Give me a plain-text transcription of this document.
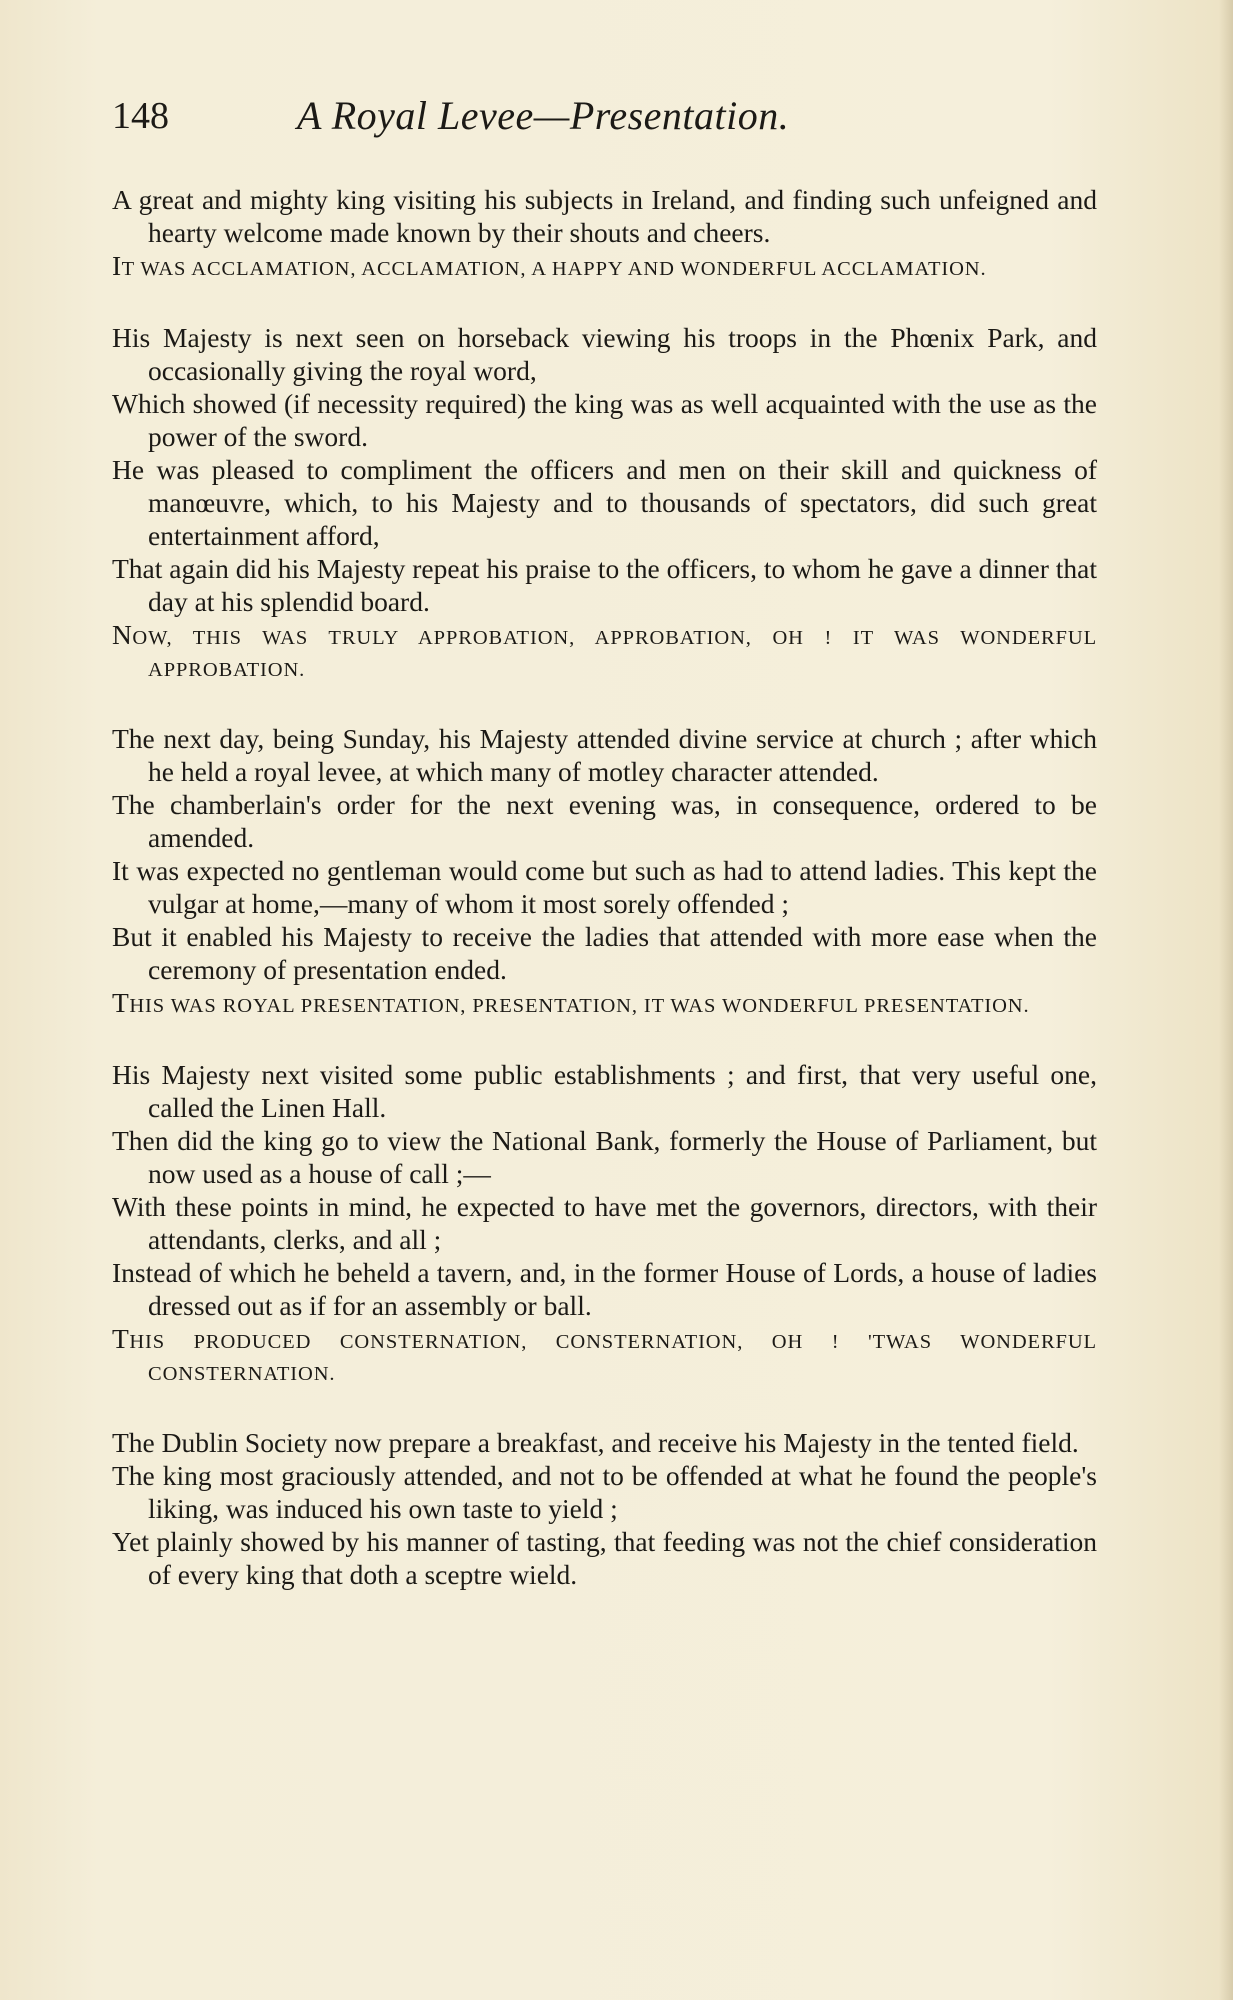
148	A Royal Levee—Presentation.

A great and mighty king visiting his subjects in Ireland, and finding such unfeigned and hearty welcome made known by their shouts and cheers.

IT WAS ACCLAMATION, ACCLAMATION, A HAPPY AND WONDERFUL ACCLAMATION.

His Majesty is next seen on horseback viewing his troops in the Phœnix Park, and occasionally giving the royal word,

Which showed (if necessity required) the king was as well acquainted with the use as the power of the sword.

He was pleased to compliment the officers and men on their skill and quickness of manœuvre, which, to his Majesty and to thousands of spectators, did such great entertainment afford,

That again did his Majesty repeat his praise to the officers, to whom he gave a dinner that day at his splendid board.

NOW, THIS WAS TRULY APPROBATION, APPROBATION, OH ! IT WAS WONDERFUL APPROBATION.

The next day, being Sunday, his Majesty attended divine service at church ; after which he held a royal levee, at which many of motley character attended.

The chamberlain's order for the next evening was, in consequence, ordered to be amended.

It was expected no gentleman would come but such as had to attend ladies. This kept the vulgar at home,—many of whom it most sorely offended ;

But it enabled his Majesty to receive the ladies that attended with more ease when the ceremony of presentation ended.

THIS WAS ROYAL PRESENTATION, PRESENTATION, IT WAS WONDERFUL PRESENTATION.

His Majesty next visited some public establishments ; and first, that very useful one, called the Linen Hall.

Then did the king go to view the National Bank, formerly the House of Parliament, but now used as a house of call ;—

With these points in mind, he expected to have met the governors, directors, with their attendants, clerks, and all ;

Instead of which he beheld a tavern, and, in the former House of Lords, a house of ladies dressed out as if for an assembly or ball.

THIS PRODUCED CONSTERNATION, CONSTERNATION, OH ! 'TWAS WONDERFUL CONSTERNATION.

The Dublin Society now prepare a breakfast, and receive his Majesty in the tented field.

The king most graciously attended, and not to be offended at what he found the people's liking, was induced his own taste to yield ;

Yet plainly showed by his manner of tasting, that feeding was not the chief consideration of every king that doth a sceptre wield.
